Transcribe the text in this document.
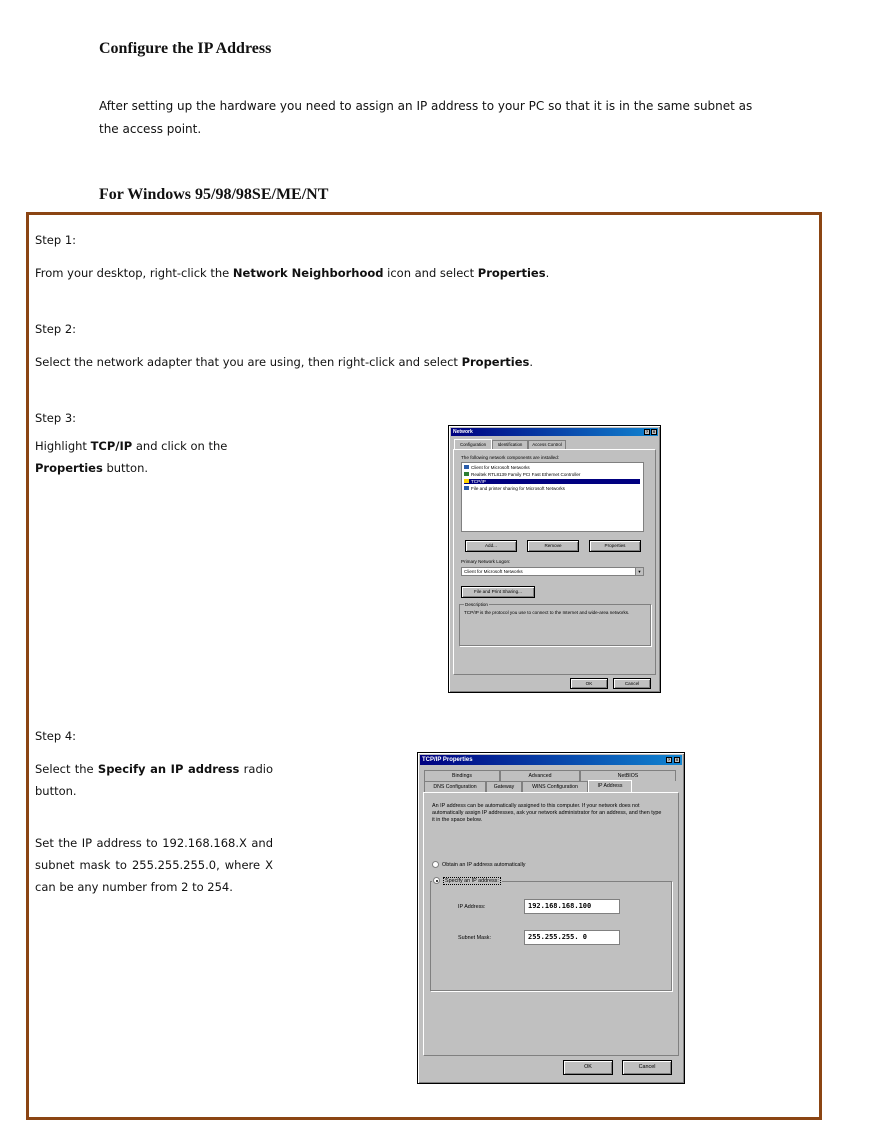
Configure the IP Address
After setting up the hardware you need to assign an IP address to your PC so that it is in the same subnet as the access point.
For Windows 95/98/98SE/ME/NT
Step 1:
From your desktop, right-click the Network Neighborhood icon and select Properties.
Step 2:
Select the network adapter that you are using, then right-click and select Properties.
Step 3:
Highlight TCP/IP and click on the Properties button.
Step 4:
Select the Specify an IP address radio button.
Set the IP address to 192.168.168.X and subnet mask to 255.255.255.0, where X can be any number from 2 to 254.
Network	?	X
Configuration	Identification	Access Control
The following network components are installed:
Client for Microsoft Networks
Realtek RTL8139 Family PCI Fast Ethernet Controller
TCP/IP
File and printer sharing for Microsoft Networks
Add...	Remove	Properties
Primary Network Logon:
Client for Microsoft Networks	▼
File and Print Sharing...
Description
TCP/IP is the protocol you use to connect to the Internet and wide-area networks.
OK	Cancel
TCP/IP Properties	?	X
Bindings	Advanced	NetBIOS
DNS Configuration	Gateway	WINS Configuration	IP Address
An IP address can be automatically assigned to this computer. If your network does not automatically assign IP addresses, ask your network administrator for an address, and then type it in the space below.
Obtain an IP address automatically
Specify an IP address:
IP Address:	192.168.168.100
Subnet Mask:	255.255.255. 0
OK	Cancel
